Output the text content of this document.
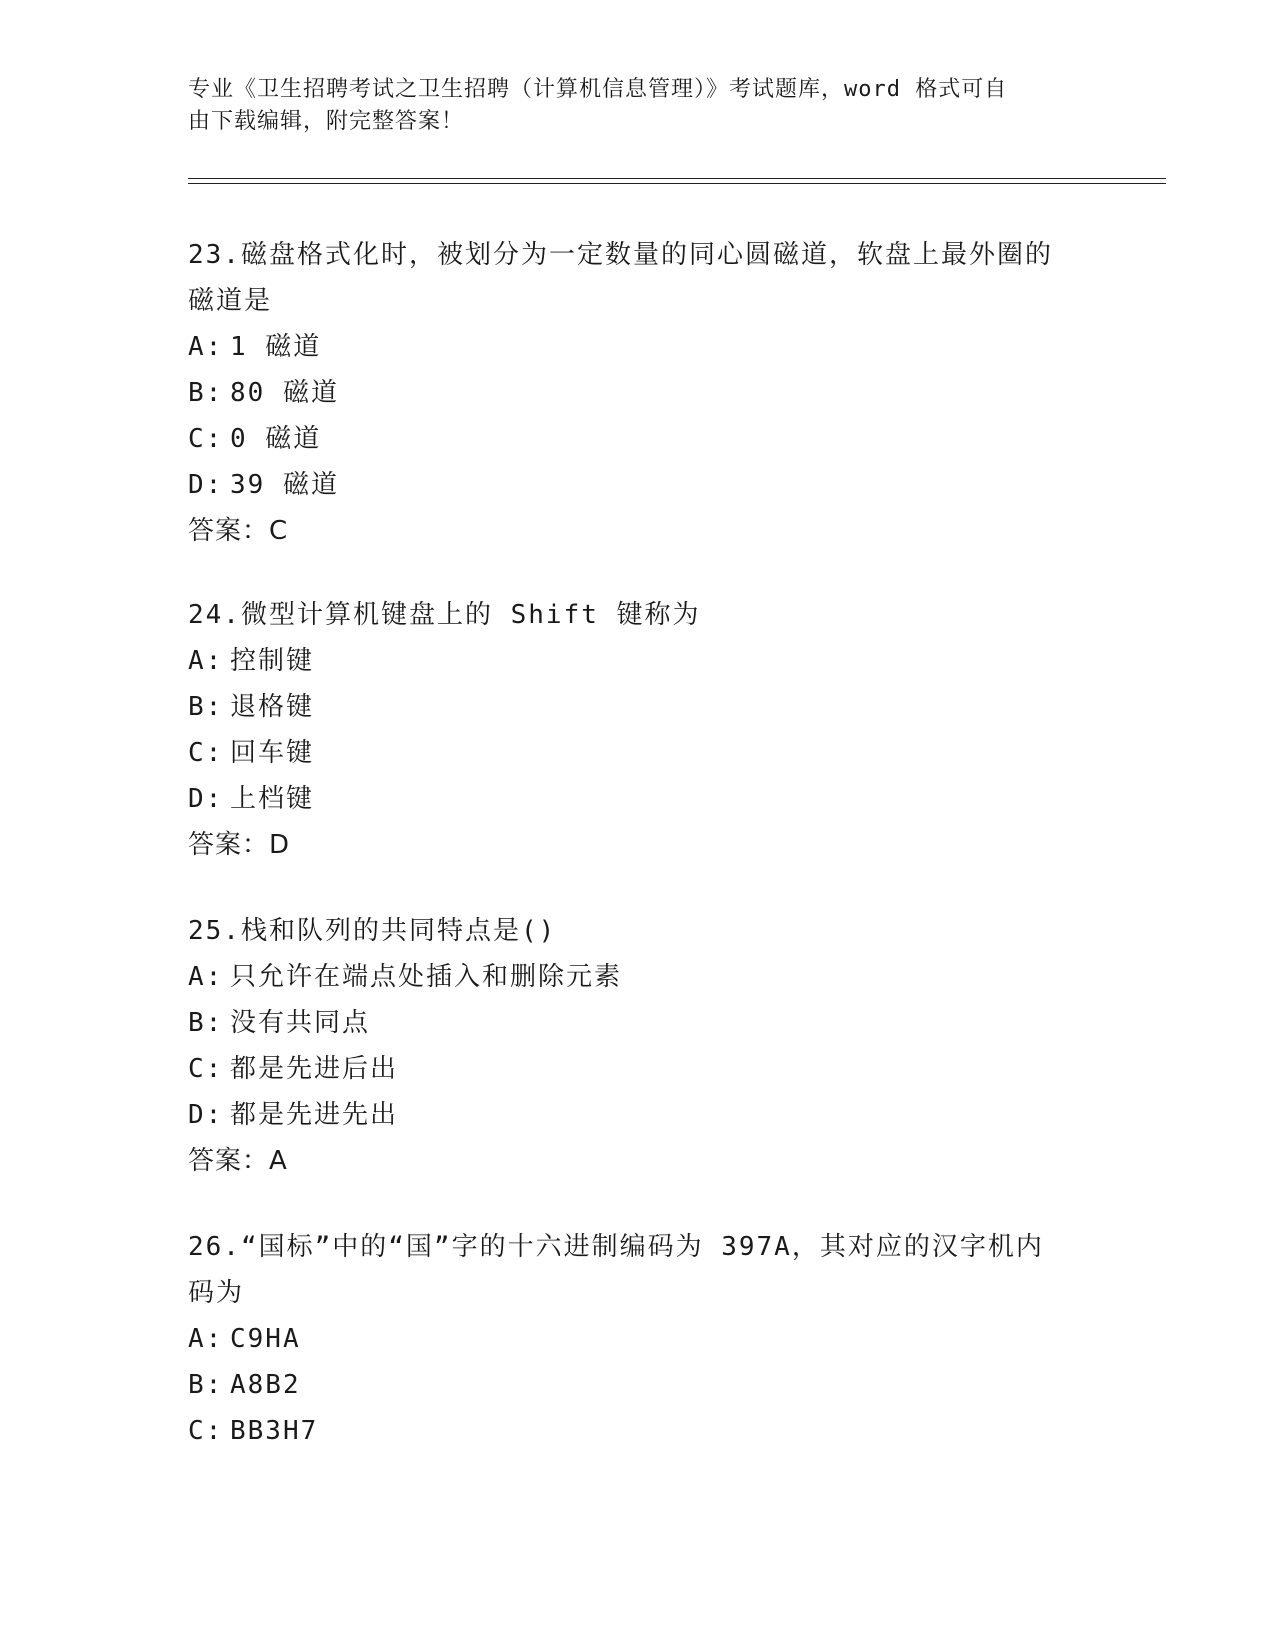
专业《卫生招聘考试之卫生招聘（计算机信息管理）》考试题库，word 格式可自
由下载编辑，附完整答案！
23.磁盘格式化时，被划分为一定数量的同心圆磁道，软盘上最外圈的
磁道是
A: 1 磁道
B: 80 磁道
C: 0 磁道
D: 39 磁道
答案：C
24.微型计算机键盘上的 Shift 键称为
A: 控制键
B: 退格键
C: 回车键
D: 上档键
答案：D
25.栈和队列的共同特点是()
A: 只允许在端点处插入和删除元素
B: 没有共同点
C: 都是先进后出
D: 都是先进先出
答案：A
26.“国标”中的“国”字的十六进制编码为 397A，其对应的汉字机内
码为
A: C9HA
B: A8B2
C: BB3H7
